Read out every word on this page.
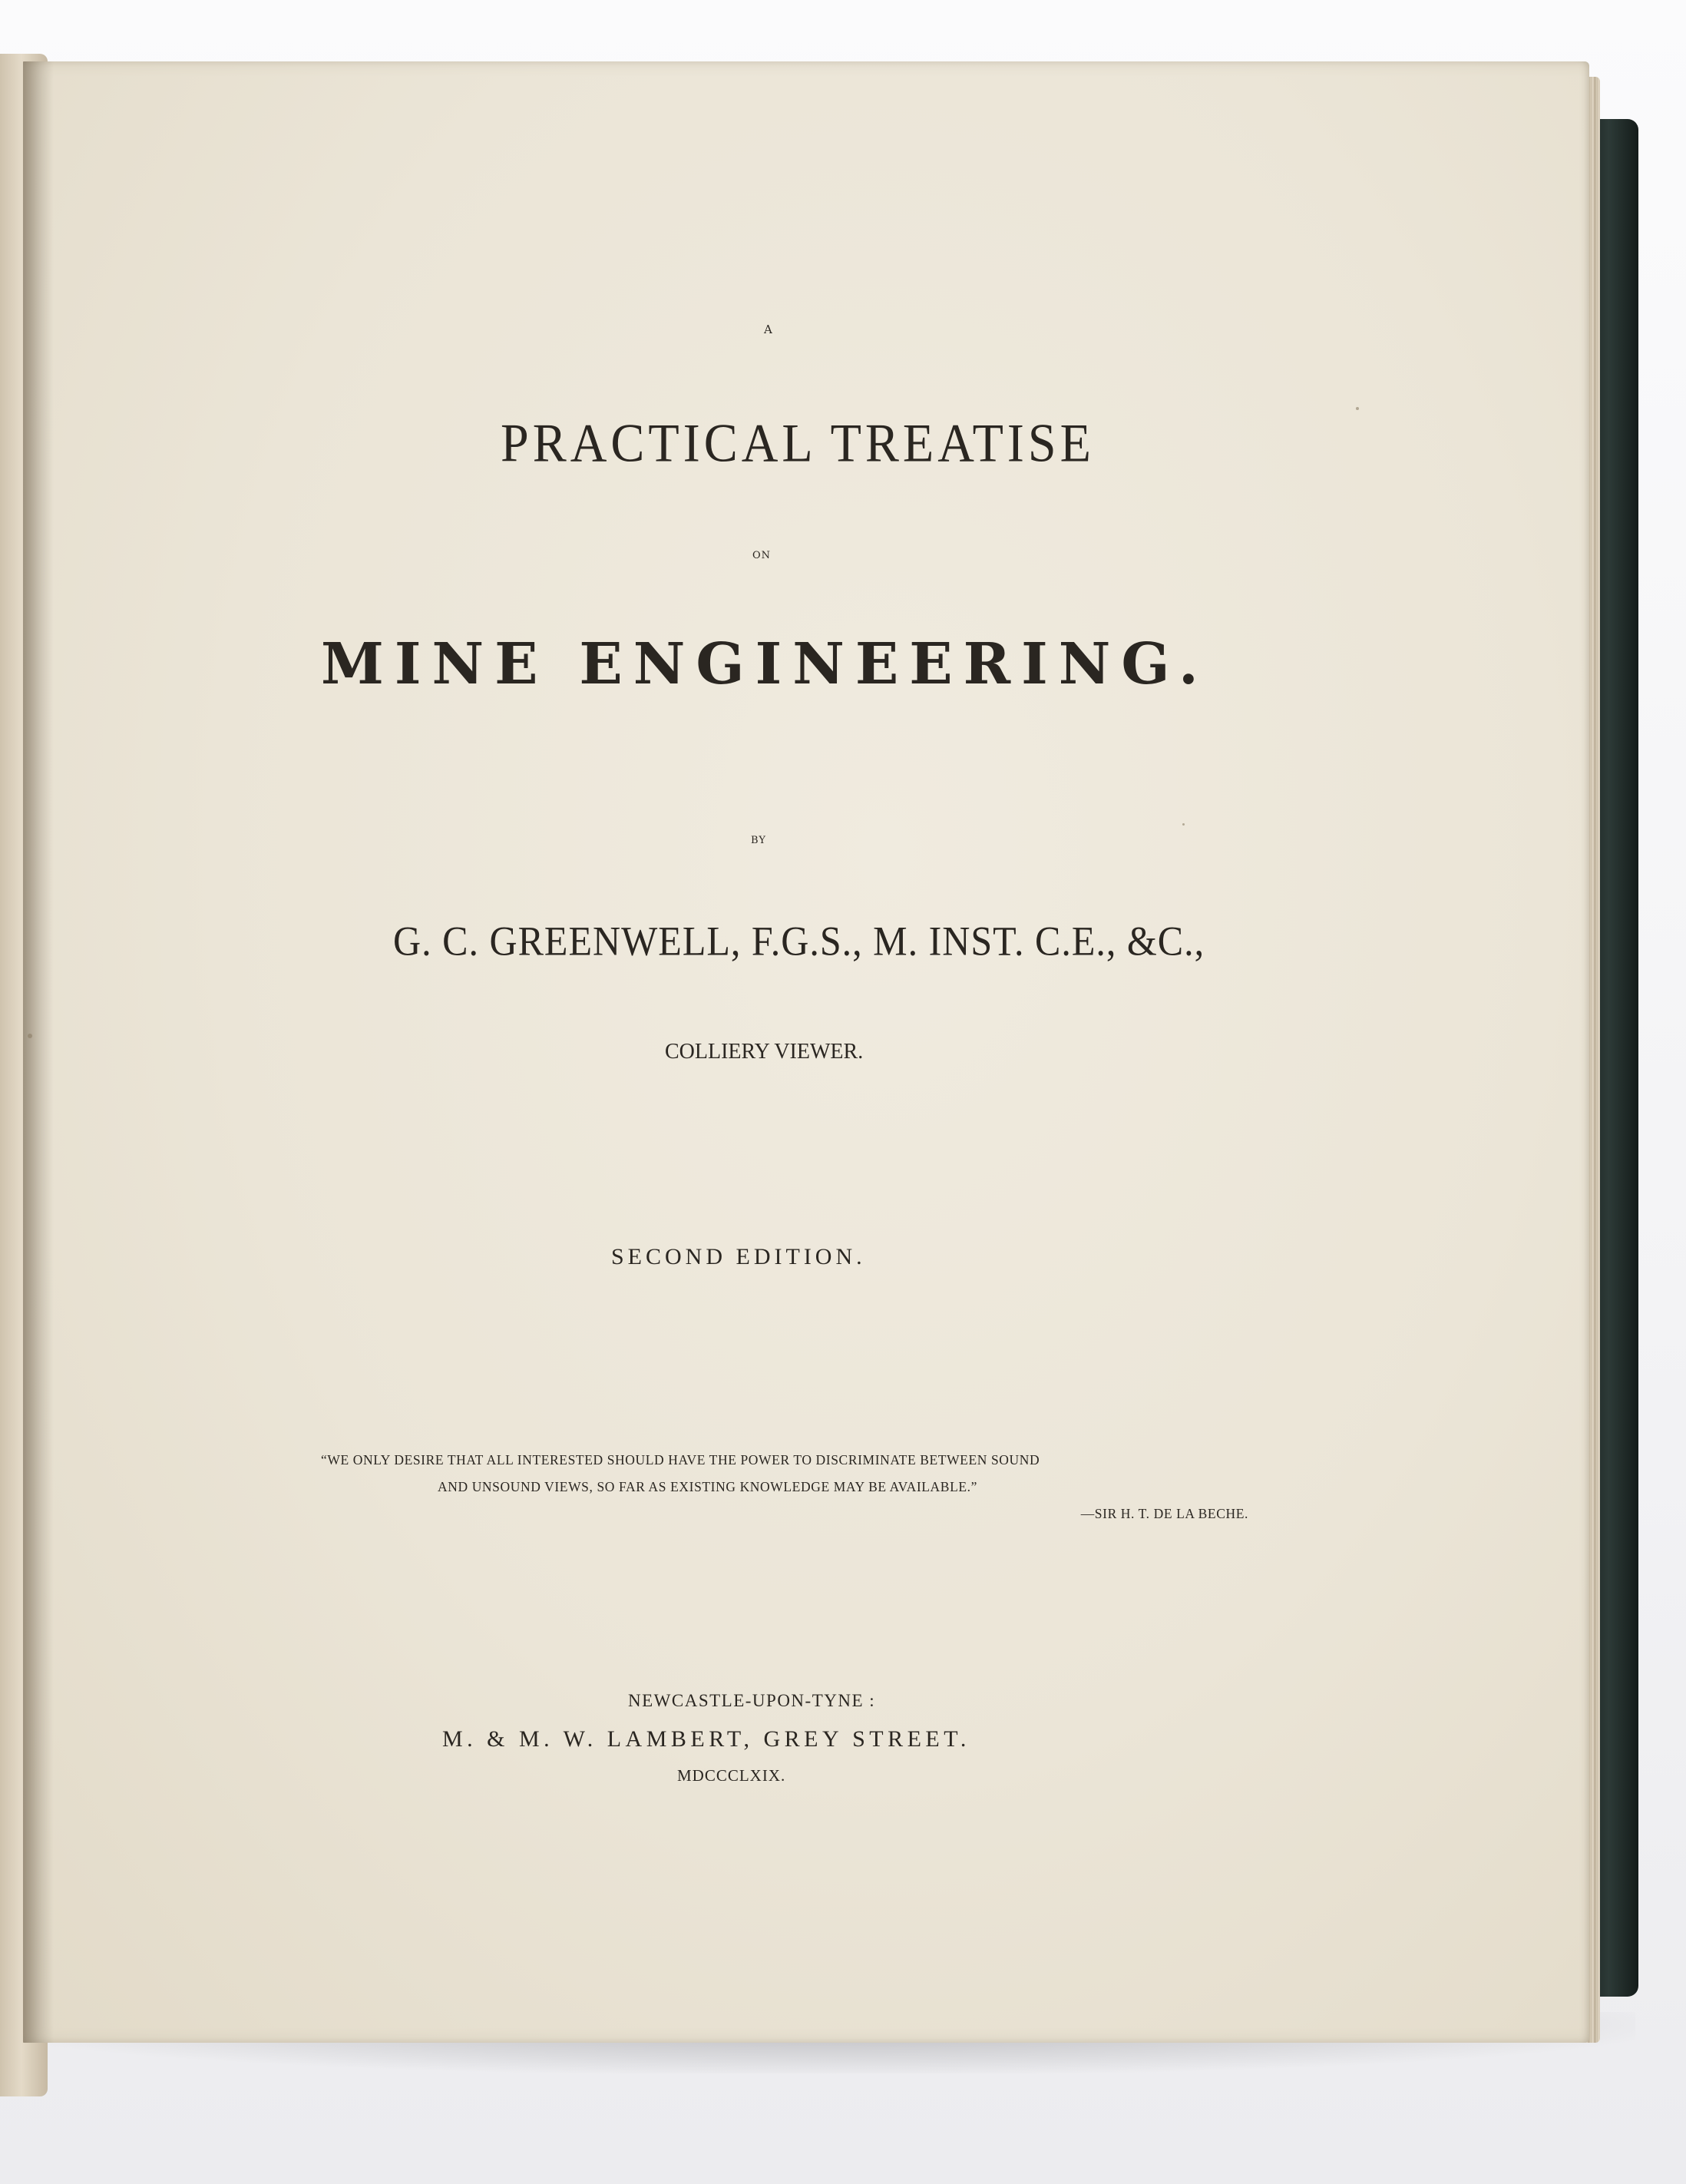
“WE ONLY DESIRE THAT ALL INTERESTED SHOULD HAVE THE POWER TO DISCRIMINATE BETWEEN SOUND
AND UNSOUND VIEWS, SO FAR AS EXISTING KNOWLEDGE MAY BE AVAILABLE.”
—SIR H. T. DE LA BECHE.
